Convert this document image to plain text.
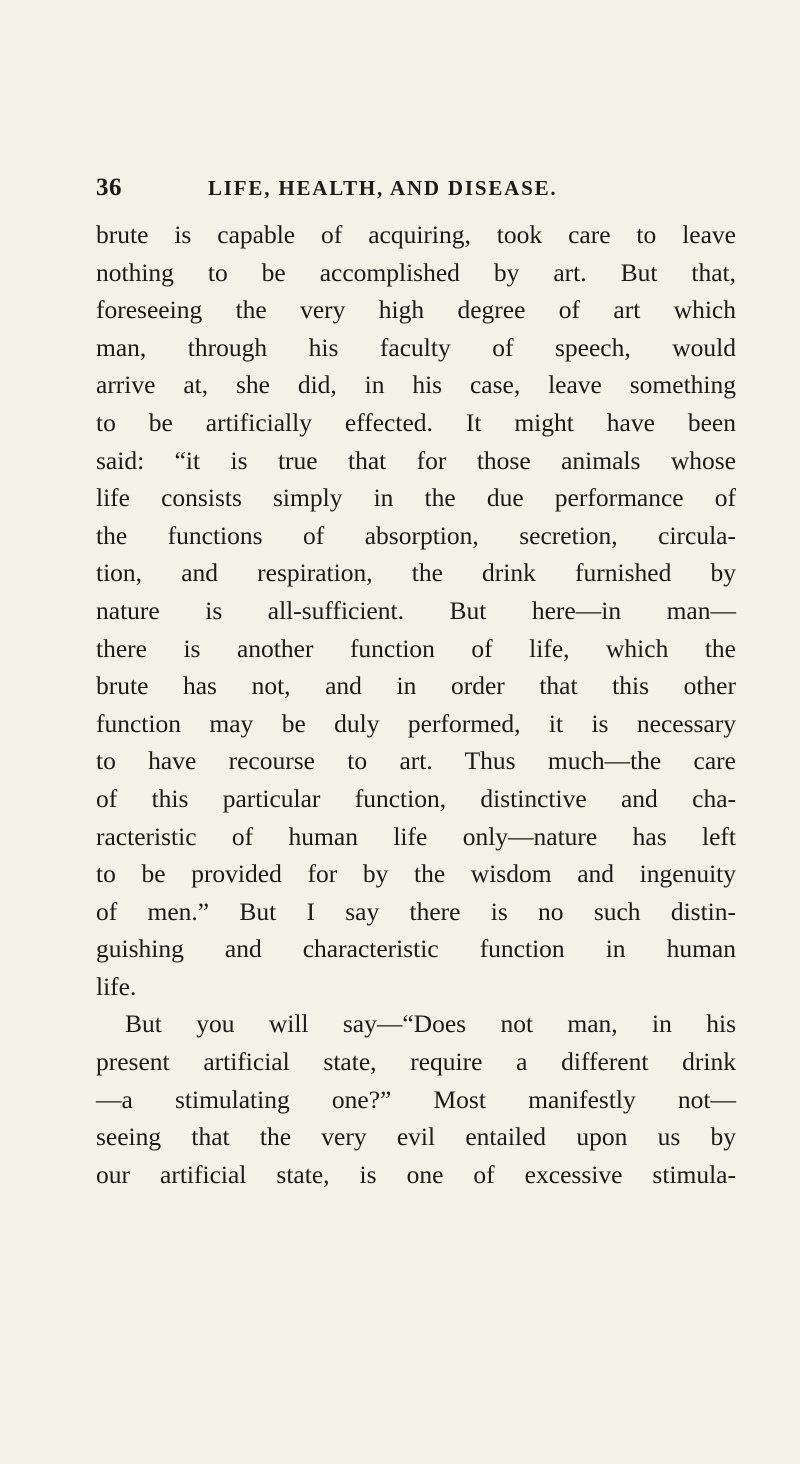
36	LIFE, HEALTH, AND DISEASE.
brute is capable of acquiring, took care to leave
nothing to be accomplished by art. But that,
foreseeing the very high degree of art which
man, through his faculty of speech, would
arrive at, she did, in his case, leave something
to be artificially effected. It might have been
said: “it is true that for those animals whose
life consists simply in the due performance of
the functions of absorption, secretion, circula-
tion, and respiration, the drink furnished by
nature is all-sufficient. But here—in man—
there is another function of life, which the
brute has not, and in order that this other
function may be duly performed, it is necessary
to have recourse to art. Thus much—the care
of this particular function, distinctive and cha-
racteristic of human life only—nature has left
to be provided for by the wisdom and ingenuity
of men.” But I say there is no such distin-
guishing and characteristic function in human
life.
But you will say—“Does not man, in his
present artificial state, require a different drink
—a stimulating one?” Most manifestly not—
seeing that the very evil entailed upon us by
our artificial state, is one of excessive stimula-
